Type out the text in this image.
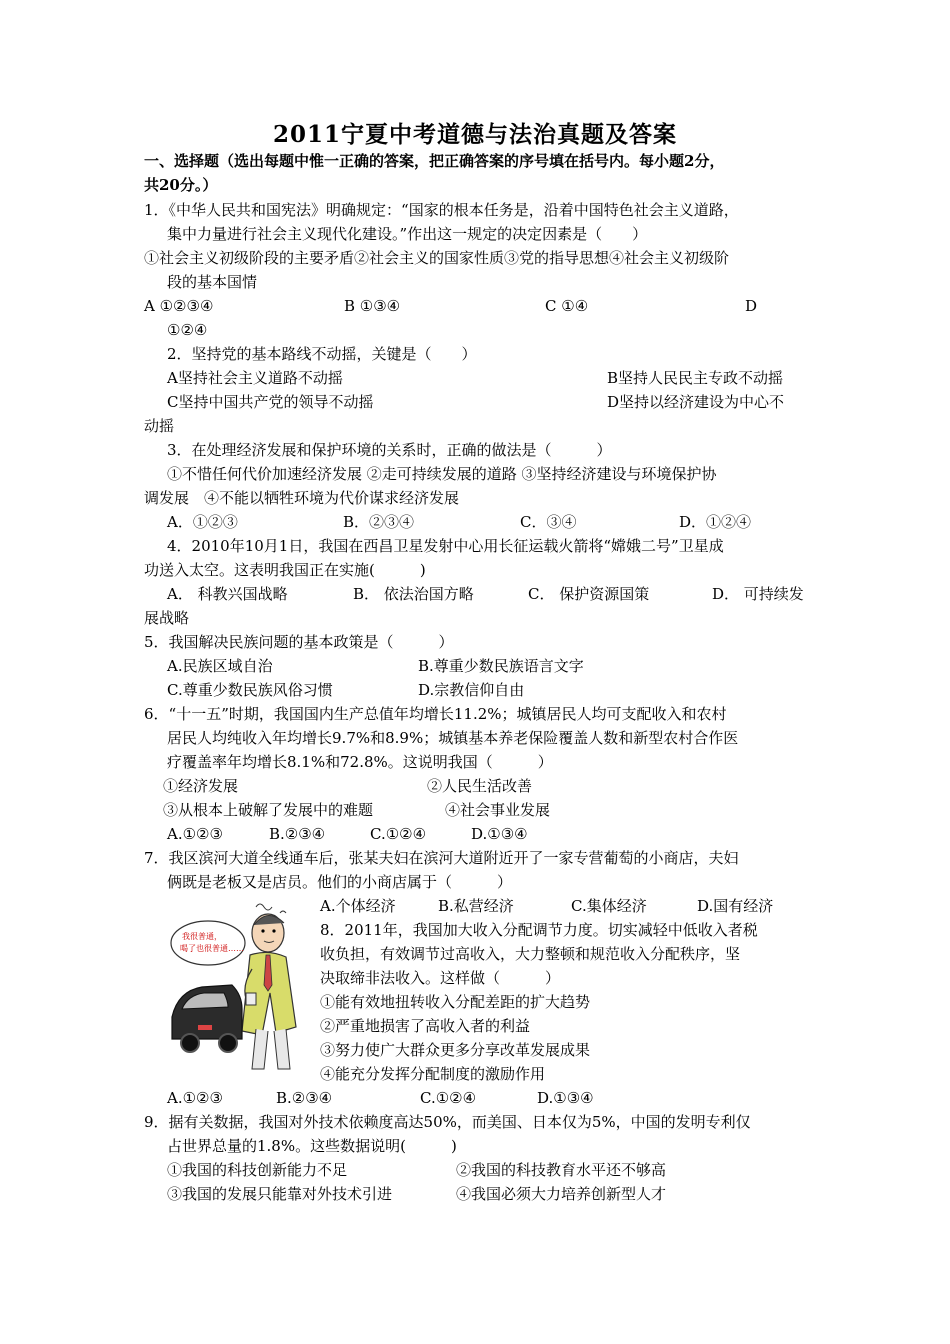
2011宁夏中考道德与法治真题及答案
一、选择题（选出每题中惟一正确的答案，把正确答案的序号填在括号内。每小题2分，
共20分。）
1．《中华人民共和国宪法》明确规定：“国家的根本任务是，沿着中国特色社会主义道路，
集中力量进行社会主义现代化建设。”作出这一规定的决定因素是（　　）
①社会主义初级阶段的主要矛盾②社会主义的国家性质③党的指导思想④社会主义初级阶
段的基本国情
A ①②③④	B ①③④	C ①④	D
①②④
2．坚持党的基本路线不动摇，关键是（　　）
A坚持社会主义道路不动摇	B坚持人民民主专政不动摇
C坚持中国共产党的领导不动摇	D坚持以经济建设为中心不
动摇
3．在处理经济发展和保护环境的关系时，正确的做法是（　　　）
①不惜任何代价加速经济发展 ②走可持续发展的道路 ③坚持经济建设与环境保护协
调发展　④不能以牺牲环境为代价谋求经济发展
A．①②③	B．②③④	C．③④	D．①②④
4．2010年10月1日，我国在西昌卫星发射中心用长征运载火箭将“嫦娥二号”卫星成
功送入太空。这表明我国正在实施(　　　)
A． 科教兴国战略	B． 依法治国方略	C． 保护资源国策	D． 可持续发
展战略
5．我国解决民族问题的基本政策是（　　　）
A.民族区域自治	B.尊重少数民族语言文字
C.尊重少数民族风俗习惯	D.宗教信仰自由
6．“十一五”时期，我国国内生产总值年均增长11.2%；城镇居民人均可支配收入和农村
居民人均纯收入年均增长9.7%和8.9%；城镇基本养老保险覆盖人数和新型农村合作医
疗覆盖率年均增长8.1%和72.8%。这说明我国（　　　）
①经济发展	②人民生活改善
③从根本上破解了发展中的难题	④社会事业发展
A.①②③	B.②③④	C.①②④	D.①③④
7．我区滨河大道全线通车后，张某夫妇在滨河大道附近开了一家专营葡萄的小商店，夫妇
俩既是老板又是店员。他们的小商店属于（　　　）
A.个体经济	B.私营经济	C.集体经济	D.国有经济
我很普通，
喝了也很普通……
8．2011年，我国加大收入分配调节力度。切实减轻中低收入者税
收负担，有效调节过高收入，大力整顿和规范收入分配秩序，坚
决取缔非法收入。这样做（　　　）
①能有效地扭转收入分配差距的扩大趋势
②严重地损害了高收入者的利益
③努力使广大群众更多分享改革发展成果
④能充分发挥分配制度的激励作用
A.①②③	B.②③④	C.①②④	D.①③④
9．据有关数据，我国对外技术依赖度高达50%，而美国、日本仅为5%，中国的发明专利仅
占世界总量的1.8%。这些数据说明(　　　)
①我国的科技创新能力不足	②我国的科技教育水平还不够高
③我国的发展只能靠对外技术引进	④我国必须大力培养创新型人才
